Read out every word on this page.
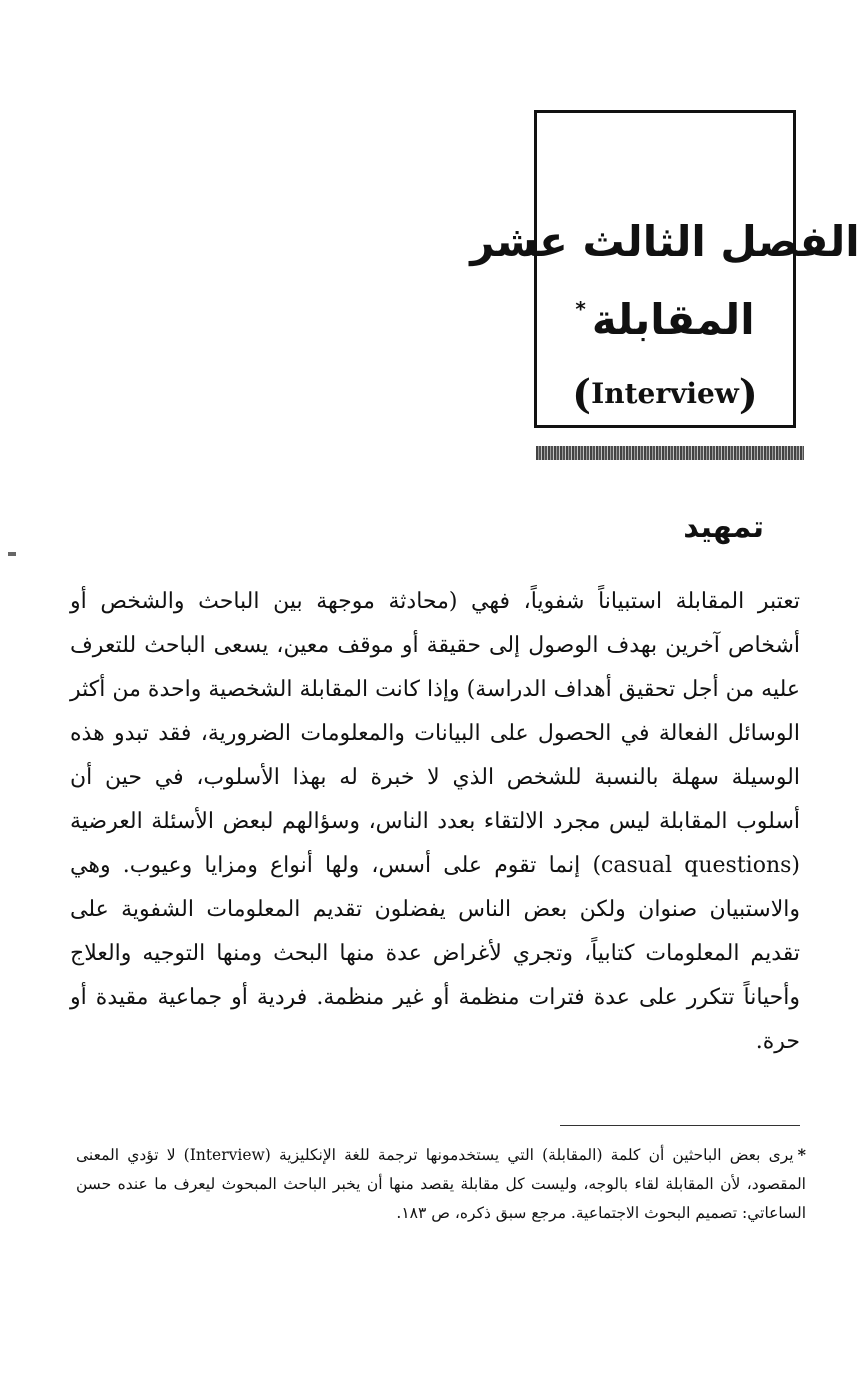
الفصل الثالث عشر
المقابلة*
(Interview)
تمهيد
تعتبر المقابلة استبياناً شفوياً، فهي (محادثة موجهة بين الباحث والشخص أو أشخاص آخرين بهدف الوصول إلى حقيقة أو موقف معين، يسعى الباحث للتعرف عليه من أجل تحقيق أهداف الدراسة) وإذا كانت المقابلة الشخصية واحدة من أكثر الوسائل الفعالة في الحصول على البيانات والمعلومات الضرورية، فقد تبدو هذه الوسيلة سهلة بالنسبة للشخص الذي لا خبرة له بهذا الأسلوب، في حين أن أسلوب المقابلة ليس مجرد الالتقاء بعدد الناس، وسؤالهم لبعض الأسئلة العرضية (casual questions) إنما تقوم على أسس، ولها أنواع ومزايا وعيوب. وهي والاستبيان صنوان ولكن بعض الناس يفضلون تقديم المعلومات الشفوية على تقديم المعلومات كتابياً، وتجري لأغراض عدة منها البحث ومنها التوجيه والعلاج وأحياناً تتكرر على عدة فترات منظمة أو غير منظمة. فردية أو جماعية مقيدة أو حرة.
*يرى بعض الباحثين أن كلمة (المقابلة) التي يستخدمونها ترجمة للغة الإنكليزية (Interview) لا تؤدي المعنى المقصود، لأن المقابلة لقاء بالوجه، وليست كل مقابلة يقصد منها أن يخبر الباحث المبحوث ليعرف ما عنده حسن الساعاتي: تصميم البحوث الاجتماعية. مرجع سبق ذكره، ص ١٨٣.
